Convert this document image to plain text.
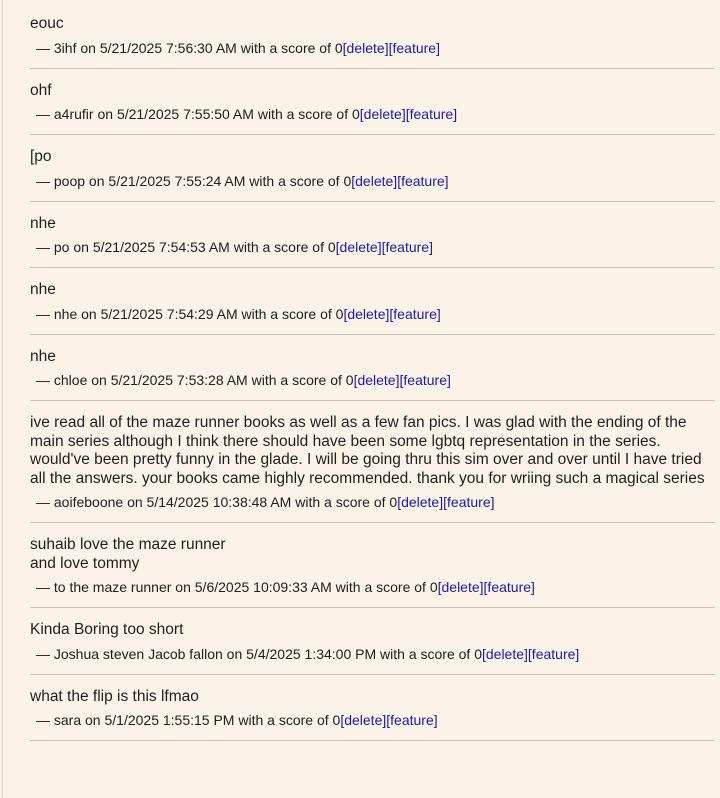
eouc
— 3ihf on 5/21/2025 7:56:30 AM with a score of 0[delete][feature]
ohf
— a4rufir on 5/21/2025 7:55:50 AM with a score of 0[delete][feature]
[po
— poop on 5/21/2025 7:55:24 AM with a score of 0[delete][feature]
nhe
— po on 5/21/2025 7:54:53 AM with a score of 0[delete][feature]
nhe
— nhe on 5/21/2025 7:54:29 AM with a score of 0[delete][feature]
nhe
— chloe on 5/21/2025 7:53:28 AM with a score of 0[delete][feature]
ive read all of the maze runner books as well as a few fan pics. I was glad with the ending of the main series although I think there should have been some lgbtq representation in the series. would've been pretty funny in the glade. I will be going thru this sim over and over until I have tried all the answers. your books came highly recommended. thank you for wriing such a magical series
— aoifeboone on 5/14/2025 10:38:48 AM with a score of 0[delete][feature]
suhaib love the maze runner
and love tommy
— to the maze runner on 5/6/2025 10:09:33 AM with a score of 0[delete][feature]
Kinda Boring too short
— Joshua steven Jacob fallon on 5/4/2025 1:34:00 PM with a score of 0[delete][feature]
what the flip is this lfmao
— sara on 5/1/2025 1:55:15 PM with a score of 0[delete][feature]
